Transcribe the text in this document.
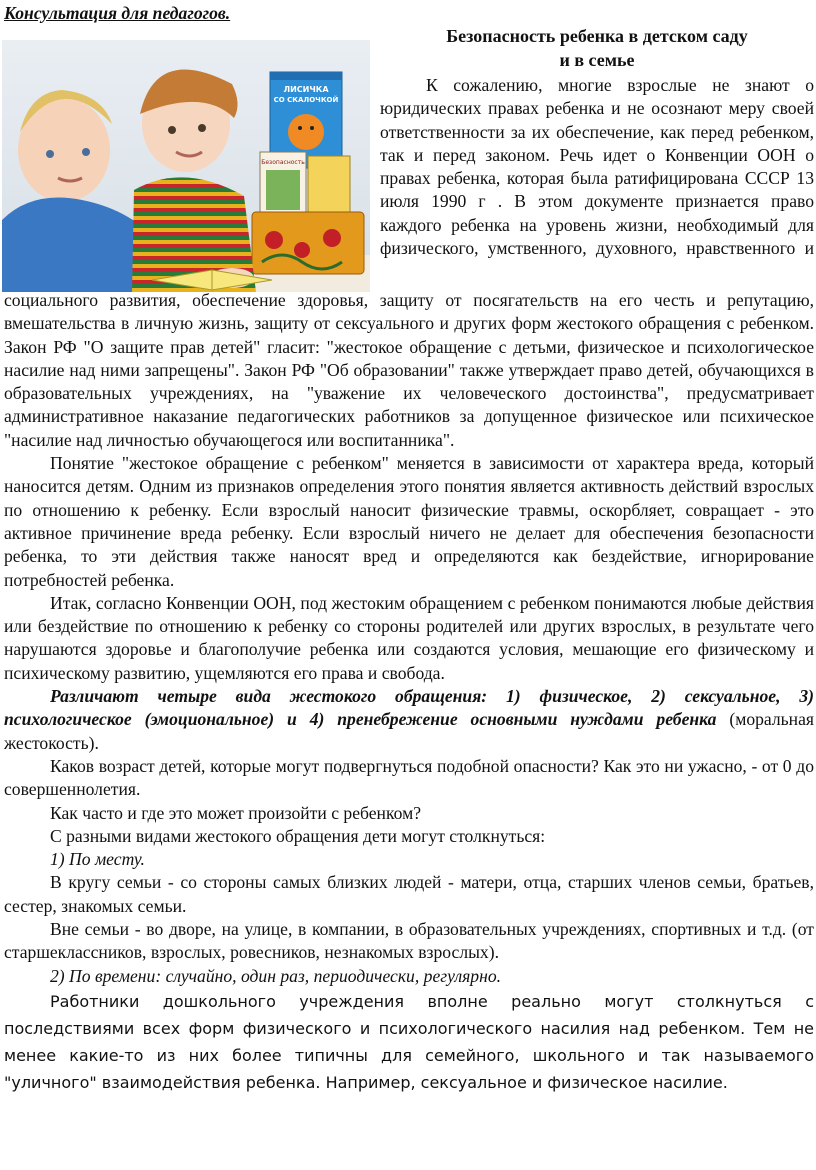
Консультация для педагогов.
ЛИСИЧКА
СО СКАЛОЧКОЙ
Безопасность
Безопасность ребенка в детском саду
и в семье

К сожалению, многие взрослые не знают о юридических правах ребенка и не осознают меру своей ответственности за их обеспечение, как перед ребенком, так и перед законом. Речь идет о Конвенции ООН о правах ребенка, которая была ратифицирована СССР 13 июля 1990 г . В этом документе признается право каждого ребенка на уровень жизни, необходимый для физического, умственного, духовного, нравственного и

социального развития, обеспечение здоровья, защиту от посягательств на его честь и репутацию, вмешательства в личную жизнь, защиту от сексуального и других форм жестокого обращения с ребенком. Закон РФ "О защите прав детей" гласит: "жестокое обращение с детьми, физическое и психологическое насилие над ними запрещены". Закон РФ "Об образовании" также утверждает право детей, обучающихся в образовательных учреждениях, на "уважение их человеческого достоинства", предусматривает административное наказание педагогических работников за допущенное физическое или психическое "насилие над личностью обучающегося или воспитанника".

Понятие "жестокое обращение с ребенком" меняется в зависимости от характера вреда, который наносится детям. Одним из признаков определения этого понятия является активность действий взрослых по отношению к ребенку. Если взрослый наносит физические травмы, оскорбляет, совращает - это активное причинение вреда ребенку. Если взрослый ничего не делает для обеспечения безопасности ребенка, то эти действия также наносят вред и определяются как бездействие, игнорирование потребностей ребенка.

Итак, согласно Конвенции ООН, под жестоким обращением с ребенком понимаются любые действия или бездействие по отношению к ребенку со стороны родителей или других взрослых, в результате чего нарушаются здоровье и благополучие ребенка или создаются условия, мешающие его физическому и психическому развитию, ущемляются его права и свобода.

Различают четыре вида жестокого обращения: 1) физическое, 2) сексуальное, 3) психологическое (эмоциональное) и 4) пренебрежение основными нуждами ребенка (моральная жестокость).

Каков возраст детей, которые могут подвергнуться подобной опасности? Как это ни ужасно, - от 0 до совершеннолетия.

Как часто и где это может произойти с ребенком?

С разными видами жестокого обращения дети могут столкнуться:

1) По месту.

В кругу семьи - со стороны самых близких людей - матери, отца, старших членов семьи, братьев, сестер, знакомых семьи.

Вне семьи - во дворе, на улице, в компании, в образовательных учреждениях, спортивных и т.д. (от старшеклассников, взрослых, ровесников, незнакомых взрослых).

2) По времени: случайно, один раз, периодически, регулярно.

Работники дошкольного учреждения вполне реально могут столкнуться с последствиями всех форм физического и психологического насилия над ребенком. Тем не менее какие-то из них более типичны для семейного, школьного и так называемого "уличного" взаимодействия ребенка. Например, сексуальное и физическое насилие.
